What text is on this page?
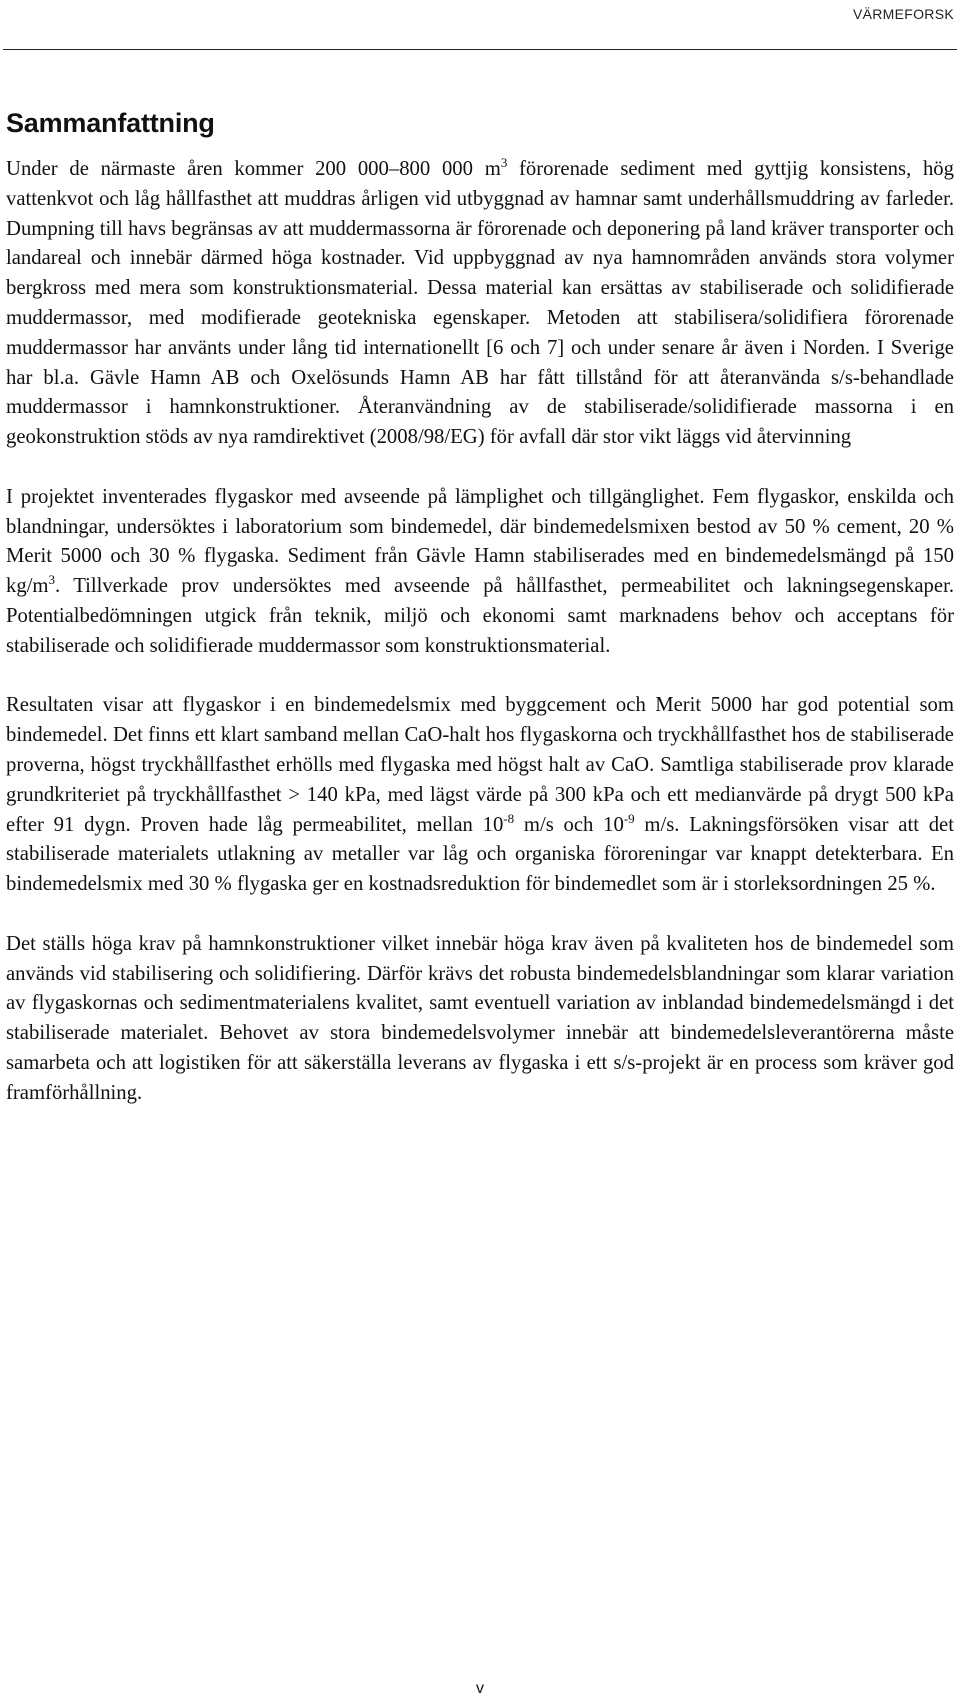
VÄRMEFORSK
Sammanfattning

Under de närmaste åren kommer 200 000–800 000 $m^3$ förorenade sediment med gyttjig konsistens, hög vattenkvot och låg hållfasthet att muddras årligen vid utbyggnad av hamnar samt underhållsmuddring av farleder. Dumpning till havs begränsas av att muddermassorna är förorenade och deponering på land kräver transporter och landareal och innebär därmed höga kostnader. Vid uppbyggnad av nya hamnområden används stora volymer bergkross med mera som konstruktionsmaterial. Dessa material kan ersättas av stabiliserade och solidifierade muddermassor, med modifierade geotekniska egenskaper. Metoden att stabilisera/solidifiera förorenade muddermassor har använts under lång tid internationellt [6 och 7] och under senare år även i Norden. I Sverige har bl.a. Gävle Hamn AB och Oxelösunds Hamn AB har fått tillstånd för att återanvända s/s-behandlade muddermassor i hamnkonstruktioner. Återanvändning av de stabiliserade/solidifierade massorna i en geokonstruktion stöds av nya ramdirektivet (2008/98/EG) för avfall där stor vikt läggs vid återvinning

I projektet inventerades flygaskor med avseende på lämplighet och tillgänglighet. Fem flygaskor, enskilda och blandningar, undersöktes i laboratorium som bindemedel, där bindemedelsmixen bestod av 50 % cement, 20 % Merit 5000 och 30 % flygaska. Sediment från Gävle Hamn stabiliserades med en bindemedelsmängd på 150 $kg/m^3$. Tillverkade prov undersöktes med avseende på hållfasthet, permeabilitet och lakningsegenskaper. Potentialbedömningen utgick från teknik, miljö och ekonomi samt marknadens behov och acceptans för stabiliserade och solidifierade muddermassor som konstruktionsmaterial.

Resultaten visar att flygaskor i en bindemedelsmix med byggcement och Merit 5000 har god potential som bindemedel. Det finns ett klart samband mellan CaO-halt hos flygaskorna och tryckhållfasthet hos de stabiliserade proverna, högst tryckhållfasthet erhölls med flygaska med högst halt av CaO. Samtliga stabiliserade prov klarade grundkriteriet på tryckhållfasthet > 140 kPa, med lägst värde på 300 kPa och ett medianvärde på drygt 500 kPa efter 91 dygn. Proven hade låg permeabilitet, mellan $10^{-8}$ m/s och $10^{-9}$ m/s. Lakningsförsöken visar att det stabiliserade materialets utlakning av metaller var låg och organiska föroreningar var knappt detekterbara. En bindemedelsmix med 30 % flygaska ger en kostnadsreduktion för bindemedlet som är i storleksordningen 25 %.

Det ställs höga krav på hamnkonstruktioner vilket innebär höga krav även på kvaliteten hos de bindemedel som används vid stabilisering och solidifiering. Därför krävs det robusta bindemedelsblandningar som klarar variation av flygaskornas och sedimentmaterialens kvalitet, samt eventuell variation av inblandad bindemedelsmängd i det stabiliserade materialet. Behovet av stora bindemedelsvolymer innebär att bindemedelsleverantörerna måste samarbeta och att logistiken för att säkerställa leverans av flygaska i ett s/s-projekt är en process som kräver god framförhållning.

v
